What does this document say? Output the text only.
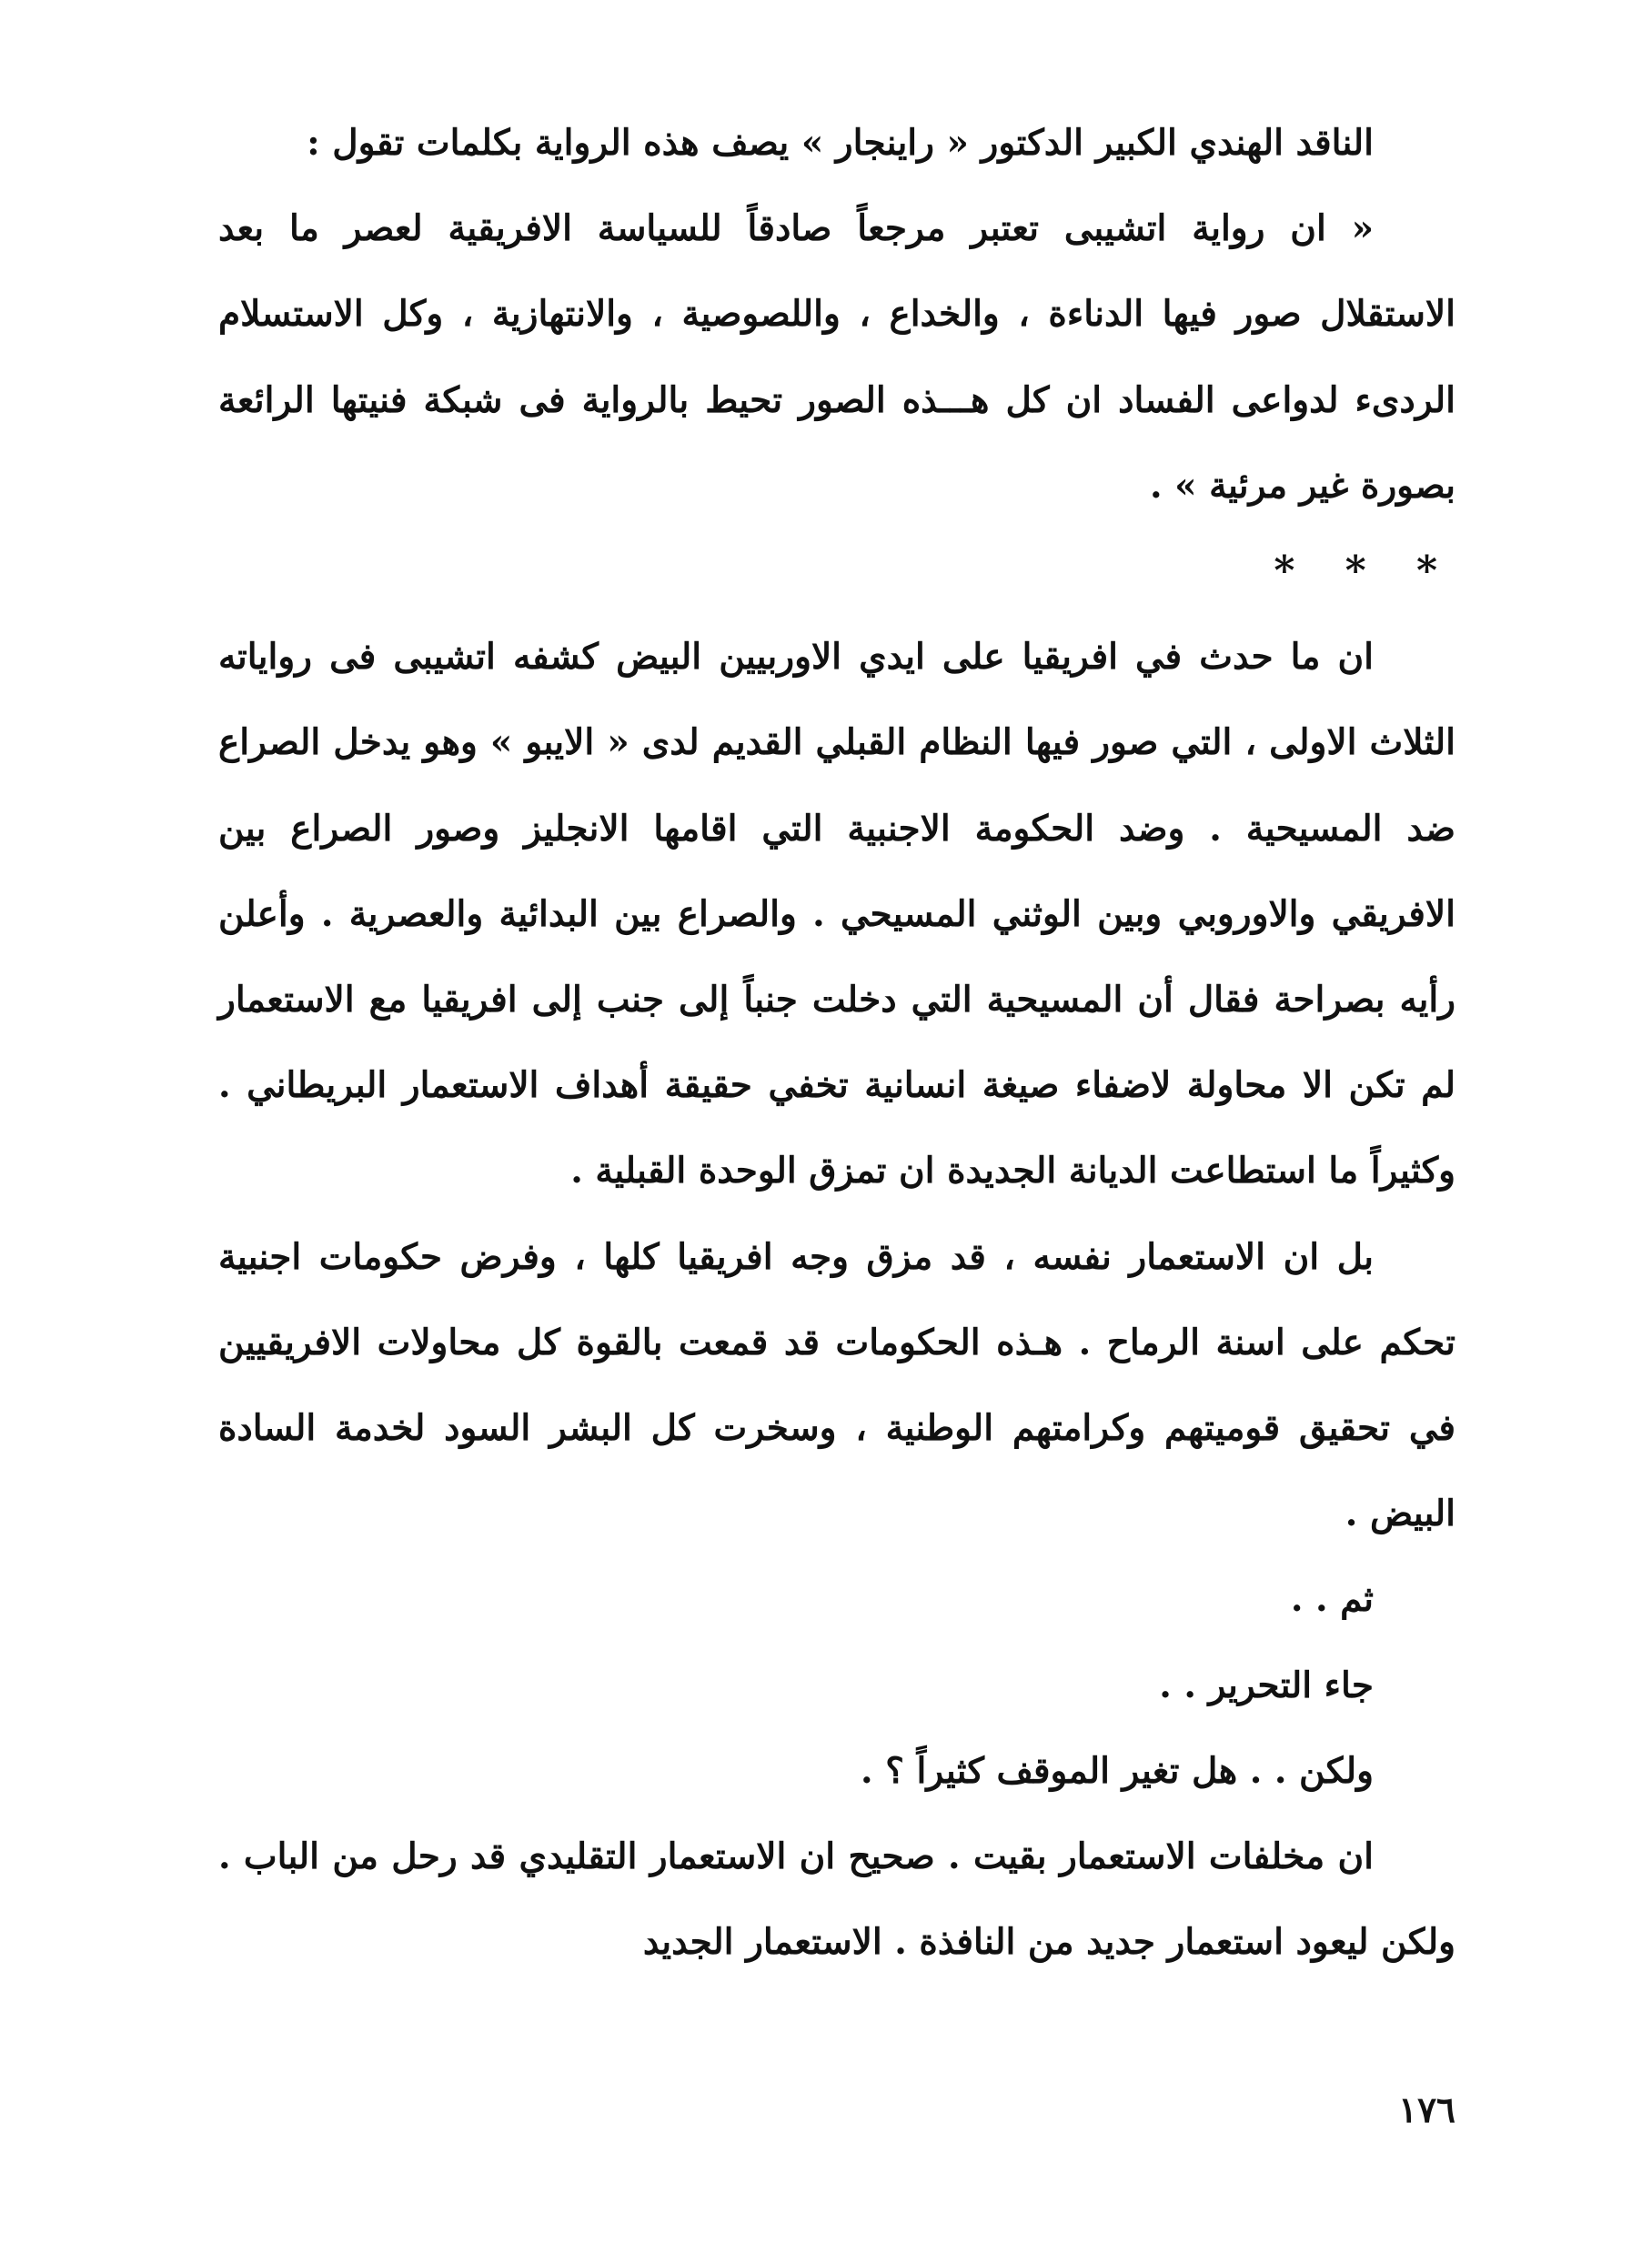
الناقد الهندي الكبير الدكتور « راينجار » يصف هذه الرواية بكلمات تقول :

« ان رواية اتشيبى تعتبر مرجعاً صادقاً للسياسة الافريقية لعصر ما بعد الاستقلال صور فيها الدناءة ، والخداع ، واللصوصية ، والانتهازية ، وكل الاستسلام الردىء لدواعى الفساد ان كل هـــذه الصور تحيط بالرواية فى شبكة فنيتها الرائعة بصورة غير مرئية » .

* * *

ان ما حدث في افريقيا على ايدي الاوربيين البيض كشفه اتشيبى فى رواياته الثلاث الاولى ، التي صور فيها النظام القبلي القديم لدى « الايبو » وهو يدخل الصراع ضد المسيحية . وضد الحكومة الاجنبية التي اقامها الانجليز وصور الصراع بين الافريقي والاوروبي وبين الوثني المسيحي . والصراع بين البدائية والعصرية . وأعلن رأيه بصراحة فقال أن المسيحية التي دخلت جنباً إلى جنب إلى افريقيا مع الاستعمار لم تكن الا محاولة لاضفاء صيغة انسانية تخفي حقيقة أهداف الاستعمار البريطاني . وكثيراً ما استطاعت الديانة الجديدة ان تمزق الوحدة القبلية .

بل ان الاستعمار نفسه ، قد مزق وجه افريقيا كلها ، وفرض حكومات اجنبية تحكم على اسنة الرماح . هـذه الحكومات قد قمعت بالقوة كل محاولات الافريقيين في تحقيق قوميتهم وكرامتهم الوطنية ، وسخرت كل البشر السود لخدمة السادة البيض .

ثم . .

جاء التحرير . .

ولكن . . هل تغير الموقف كثيراً ؟ .

ان مخلفات الاستعمار بقيت . صحيح ان الاستعمار التقليدي قد رحل من الباب . ولكن ليعود استعمار جديد من النافذة . الاستعمار الجديد

١٧٦
